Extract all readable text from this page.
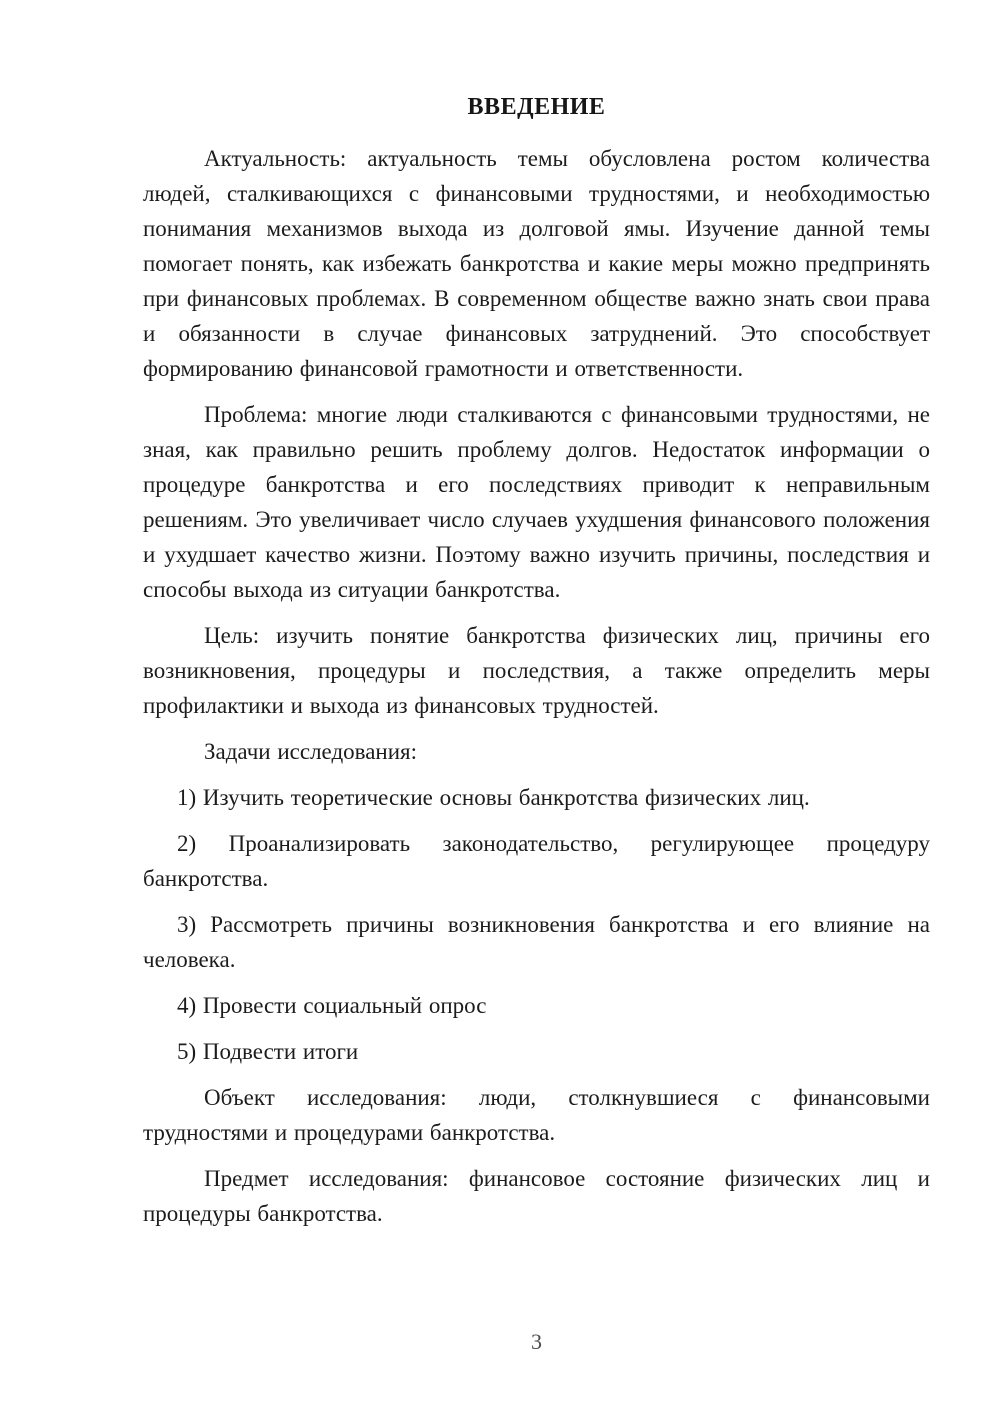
ВВЕДЕНИЕ

Актуальность: актуальность темы обусловлена ростом количества людей, сталкивающихся с финансовыми трудностями, и необходимостью понимания механизмов выхода из долговой ямы. Изучение данной темы помогает понять, как избежать банкротства и какие меры можно предпринять при финансовых проблемах. В современном обществе важно знать свои права и обязанности в случае финансовых затруднений. Это способствует формированию финансовой грамотности и ответственности.

Проблема: многие люди сталкиваются с финансовыми трудностями, не зная, как правильно решить проблему долгов. Недостаток информации о процедуре банкротства и его последствиях приводит к неправильным решениям. Это увеличивает число случаев ухудшения финансового положения и ухудшает качество жизни. Поэтому важно изучить причины, последствия и способы выхода из ситуации банкротства.

Цель: изучить понятие банкротства физических лиц, причины его возникновения, процедуры и последствия, а также определить меры профилактики и выхода из финансовых трудностей.

Задачи исследования:

1) Изучить теоретические основы банкротства физических лиц.

2) Проанализировать законодательство, регулирующее процедуру банкротства.

3) Рассмотреть причины возникновения банкротства и его влияние на человека.

4) Провести социальный опрос

5) Подвести итоги

Объект исследования: люди, столкнувшиеся с финансовыми трудностями и процедурами банкротства.

Предмет исследования: финансовое состояние физических лиц и процедуры банкротства.

3
